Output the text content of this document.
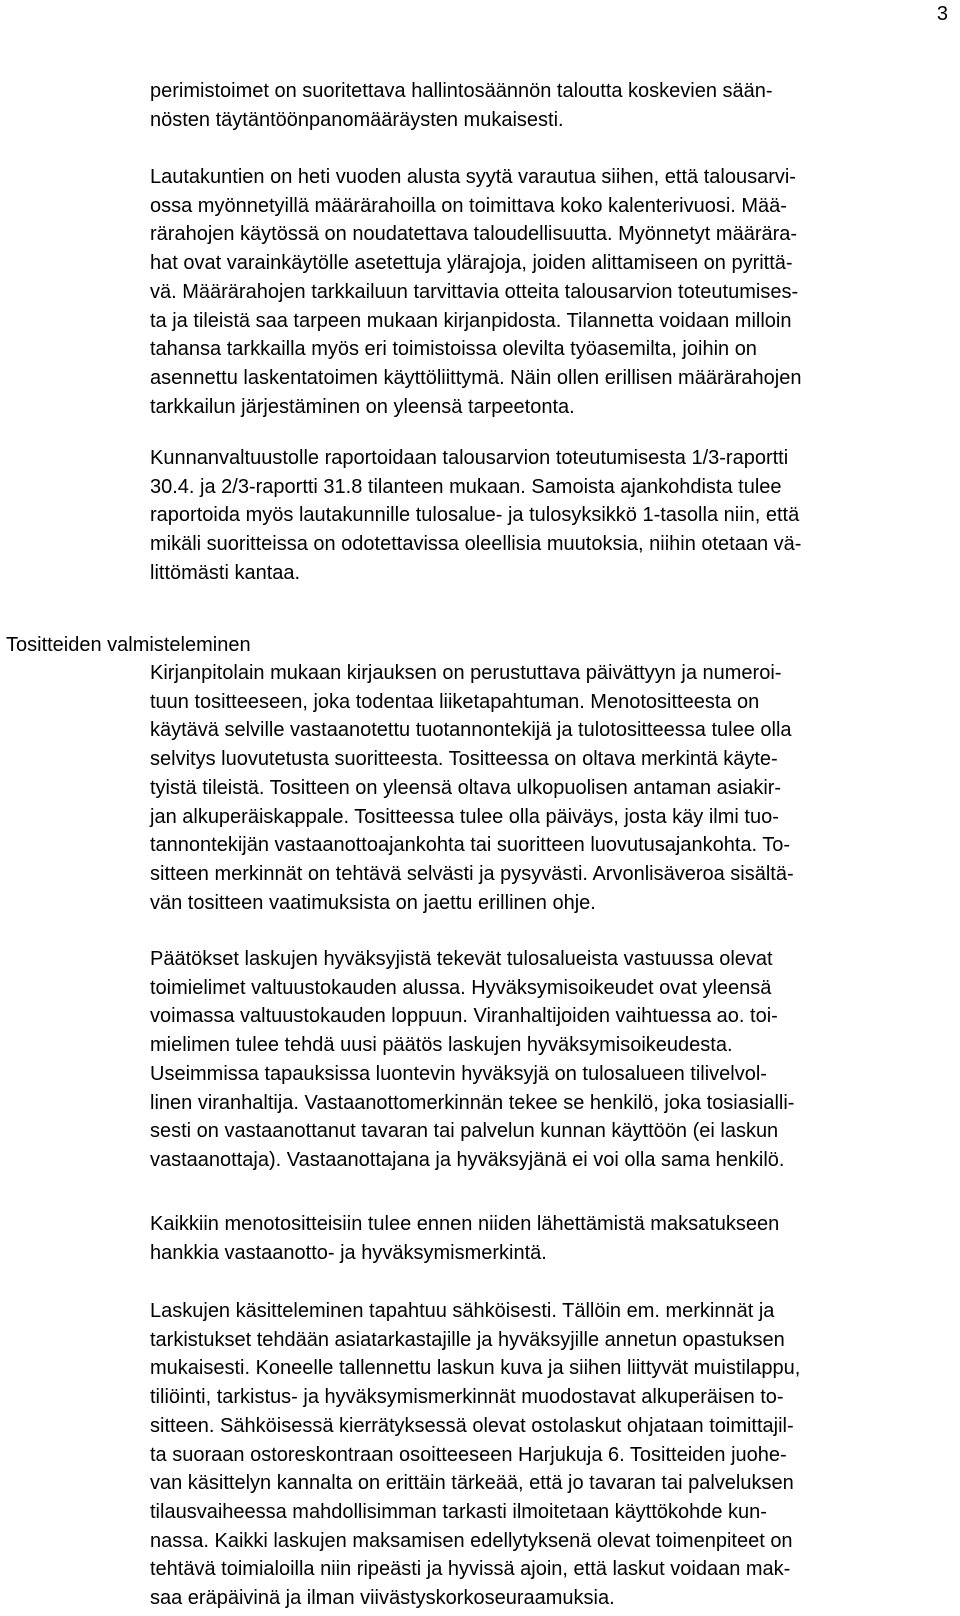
3
perimistoimet on suoritettava hallintosäännön taloutta koskevien sään-
nösten täytäntöönpanomääräysten mukaisesti.
Lautakuntien on heti vuoden alusta syytä varautua siihen, että talousarvi-
ossa myönnetyillä määrärahoilla on toimittava koko kalenterivuosi. Mää-
rärahojen käytössä on noudatettava taloudellisuutta. Myönnetyt määrära-
hat ovat varainkäytölle asetettuja ylärajoja, joiden alittamiseen on pyrittä-
vä. Määrärahojen tarkkailuun tarvittavia otteita talousarvion toteutumises-
ta ja tileistä saa tarpeen mukaan kirjanpidosta. Tilannetta voidaan milloin
tahansa tarkkailla myös eri toimistoissa olevilta työasemilta, joihin on
asennettu laskentatoimen käyttöliittymä. Näin ollen erillisen määrärahojen
tarkkailun järjestäminen on yleensä tarpeetonta.
Kunnanvaltuustolle raportoidaan talousarvion toteutumisesta 1/3-raportti
30.4. ja 2/3-raportti 31.8 tilanteen mukaan. Samoista ajankohdista tulee
raportoida myös lautakunnille tulosalue- ja tulosyksikkö 1-tasolla niin, että
mikäli suoritteissa on odotettavissa oleellisia muutoksia, niihin otetaan vä-
littömästi kantaa.
Tositteiden valmisteleminen
Kirjanpitolain mukaan kirjauksen on perustuttava päivättyyn ja numeroi-
tuun tositteeseen, joka todentaa liiketapahtuman. Menotositteesta on
käytävä selville vastaanotettu tuotannontekijä ja tulotositteessa tulee olla
selvitys luovutetusta suoritteesta. Tositteessa on oltava merkintä käyte-
tyistä tileistä. Tositteen on yleensä oltava ulkopuolisen antaman asiakir-
jan alkuperäiskappale. Tositteessa tulee olla päiväys, josta käy ilmi tuo-
tannontekijän vastaanottoajankohta tai suoritteen luovutusajankohta. To-
sitteen merkinnät on tehtävä selvästi ja pysyvästi. Arvonlisäveroa sisältä-
vän tositteen vaatimuksista on jaettu erillinen ohje.
Päätökset laskujen hyväksyjistä tekevät tulosalueista vastuussa olevat
toimielimet valtuustokauden alussa. Hyväksymisoikeudet ovat yleensä
voimassa valtuustokauden loppuun. Viranhaltijoiden vaihtuessa ao. toi-
mielimen tulee tehdä uusi päätös laskujen hyväksymisoikeudesta.
Useimmissa tapauksissa luontevin hyväksyjä on tulosalueen tilivelvol-
linen viranhaltija. Vastaanottomerkinnän tekee se henkilö, joka tosiasialli-
sesti on vastaanottanut tavaran tai palvelun kunnan käyttöön (ei laskun
vastaanottaja). Vastaanottajana ja hyväksyjänä ei voi olla sama henkilö.
Kaikkiin menotositteisiin tulee ennen niiden lähettämistä maksatukseen
hankkia vastaanotto- ja hyväksymismerkintä.
Laskujen käsitteleminen tapahtuu sähköisesti. Tällöin em. merkinnät ja
tarkistukset tehdään asiatarkastajille ja hyväksyjille annetun opastuksen
mukaisesti. Koneelle tallennettu laskun kuva ja siihen liittyvät muistilappu,
tiliöinti, tarkistus- ja hyväksymismerkinnät muodostavat alkuperäisen to-
sitteen. Sähköisessä kierrätyksessä olevat ostolaskut ohjataan toimittajil-
ta suoraan ostoreskontraan osoitteeseen Harjukuja 6. Tositteiden juohe-
van käsittelyn kannalta on erittäin tärkeää, että jo tavaran tai palveluksen
tilausvaiheessa mahdollisimman tarkasti ilmoitetaan käyttökohde kun-
nassa. Kaikki laskujen maksamisen edellytyksenä olevat toimenpiteet on
tehtävä toimialoilla niin ripeästi ja hyvissä ajoin, että laskut voidaan mak-
saa eräpäivinä ja ilman viivästyskorkoseuraamuksia.
